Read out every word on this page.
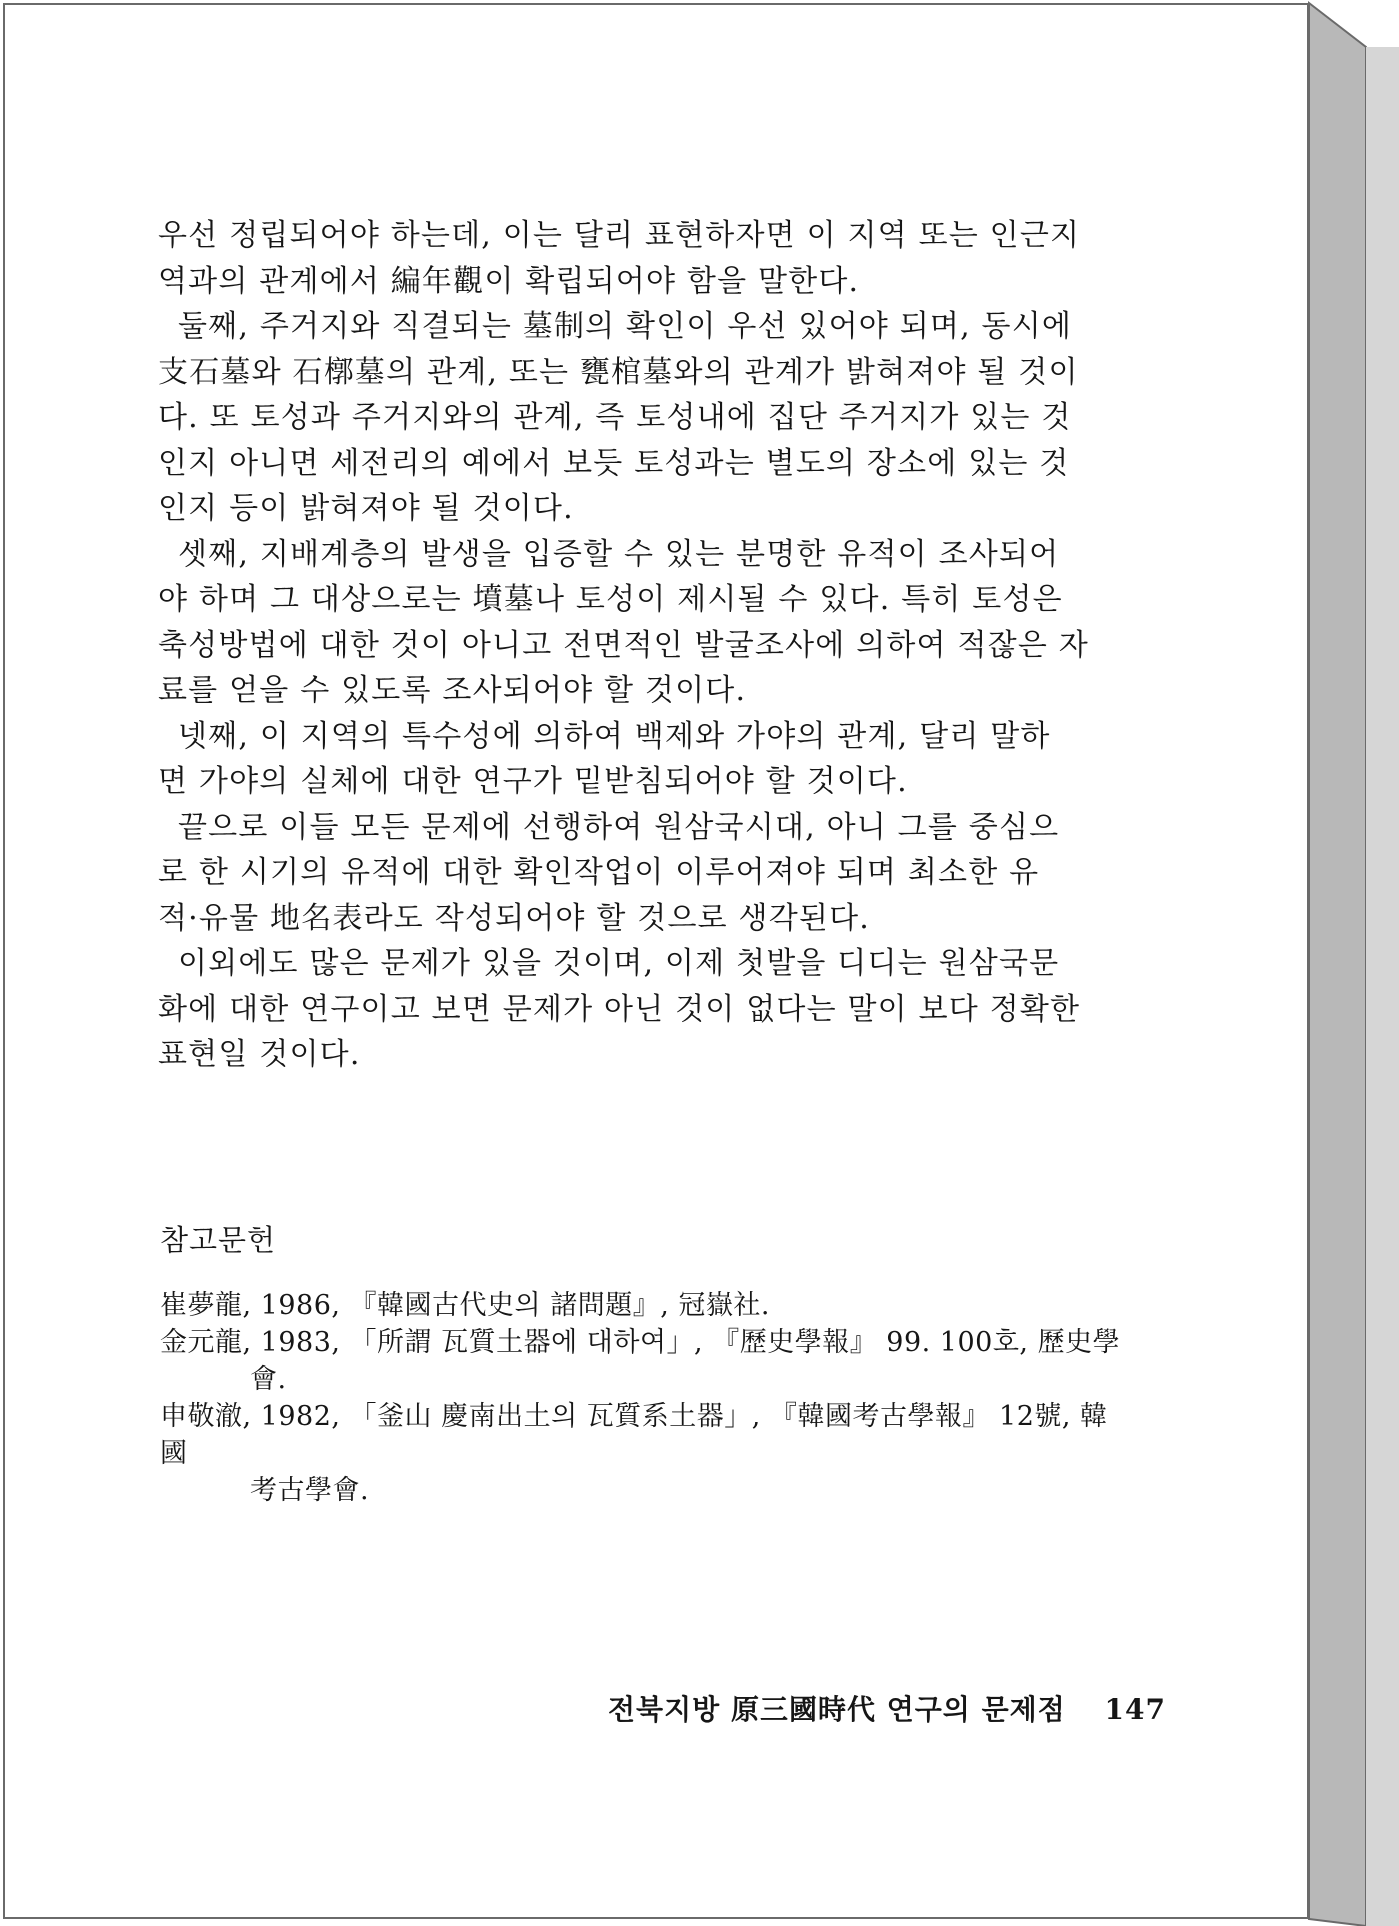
우선 정립되어야 하는데, 이는 달리 표현하자면 이 지역 또는 인근지
역과의 관계에서 編年觀이 확립되어야 함을 말한다.
둘째, 주거지와 직결되는 墓制의 확인이 우선 있어야 되며, 동시에
支石墓와 石槨墓의 관계, 또는 甕棺墓와의 관계가 밝혀져야 될 것이
다. 또 토성과 주거지와의 관계, 즉 토성내에 집단 주거지가 있는 것
인지 아니면 세전리의 예에서 보듯 토성과는 별도의 장소에 있는 것
인지 등이 밝혀져야 될 것이다.
셋째, 지배계층의 발생을 입증할 수 있는 분명한 유적이 조사되어
야 하며 그 대상으로는 墳墓나 토성이 제시될 수 있다. 특히 토성은
축성방법에 대한 것이 아니고 전면적인 발굴조사에 의하여 적잖은 자
료를 얻을 수 있도록 조사되어야 할 것이다.
넷째, 이 지역의 특수성에 의하여 백제와 가야의 관계, 달리 말하
면 가야의 실체에 대한 연구가 밑받침되어야 할 것이다.
끝으로 이들 모든 문제에 선행하여 원삼국시대, 아니 그를 중심으
로 한 시기의 유적에 대한 확인작업이 이루어져야 되며 최소한 유
적·유물 地名表라도 작성되어야 할 것으로 생각된다.
이외에도 많은 문제가 있을 것이며, 이제 첫발을 디디는 원삼국문
화에 대한 연구이고 보면 문제가 아닌 것이 없다는 말이 보다 정확한
표현일 것이다.
참고문헌
崔夢龍, 1986, 『韓國古代史의 諸問題』, 冠嶽社.
金元龍, 1983, 「所謂 瓦質土器에 대하여」, 『歷史學報』 99. 100호, 歷史學
會.
申敬澈, 1982, 「釜山 慶南出土의 瓦質系土器」, 『韓國考古學報』 12號, 韓國
考古學會.
전북지방 原三國時代 연구의 문제점 147
